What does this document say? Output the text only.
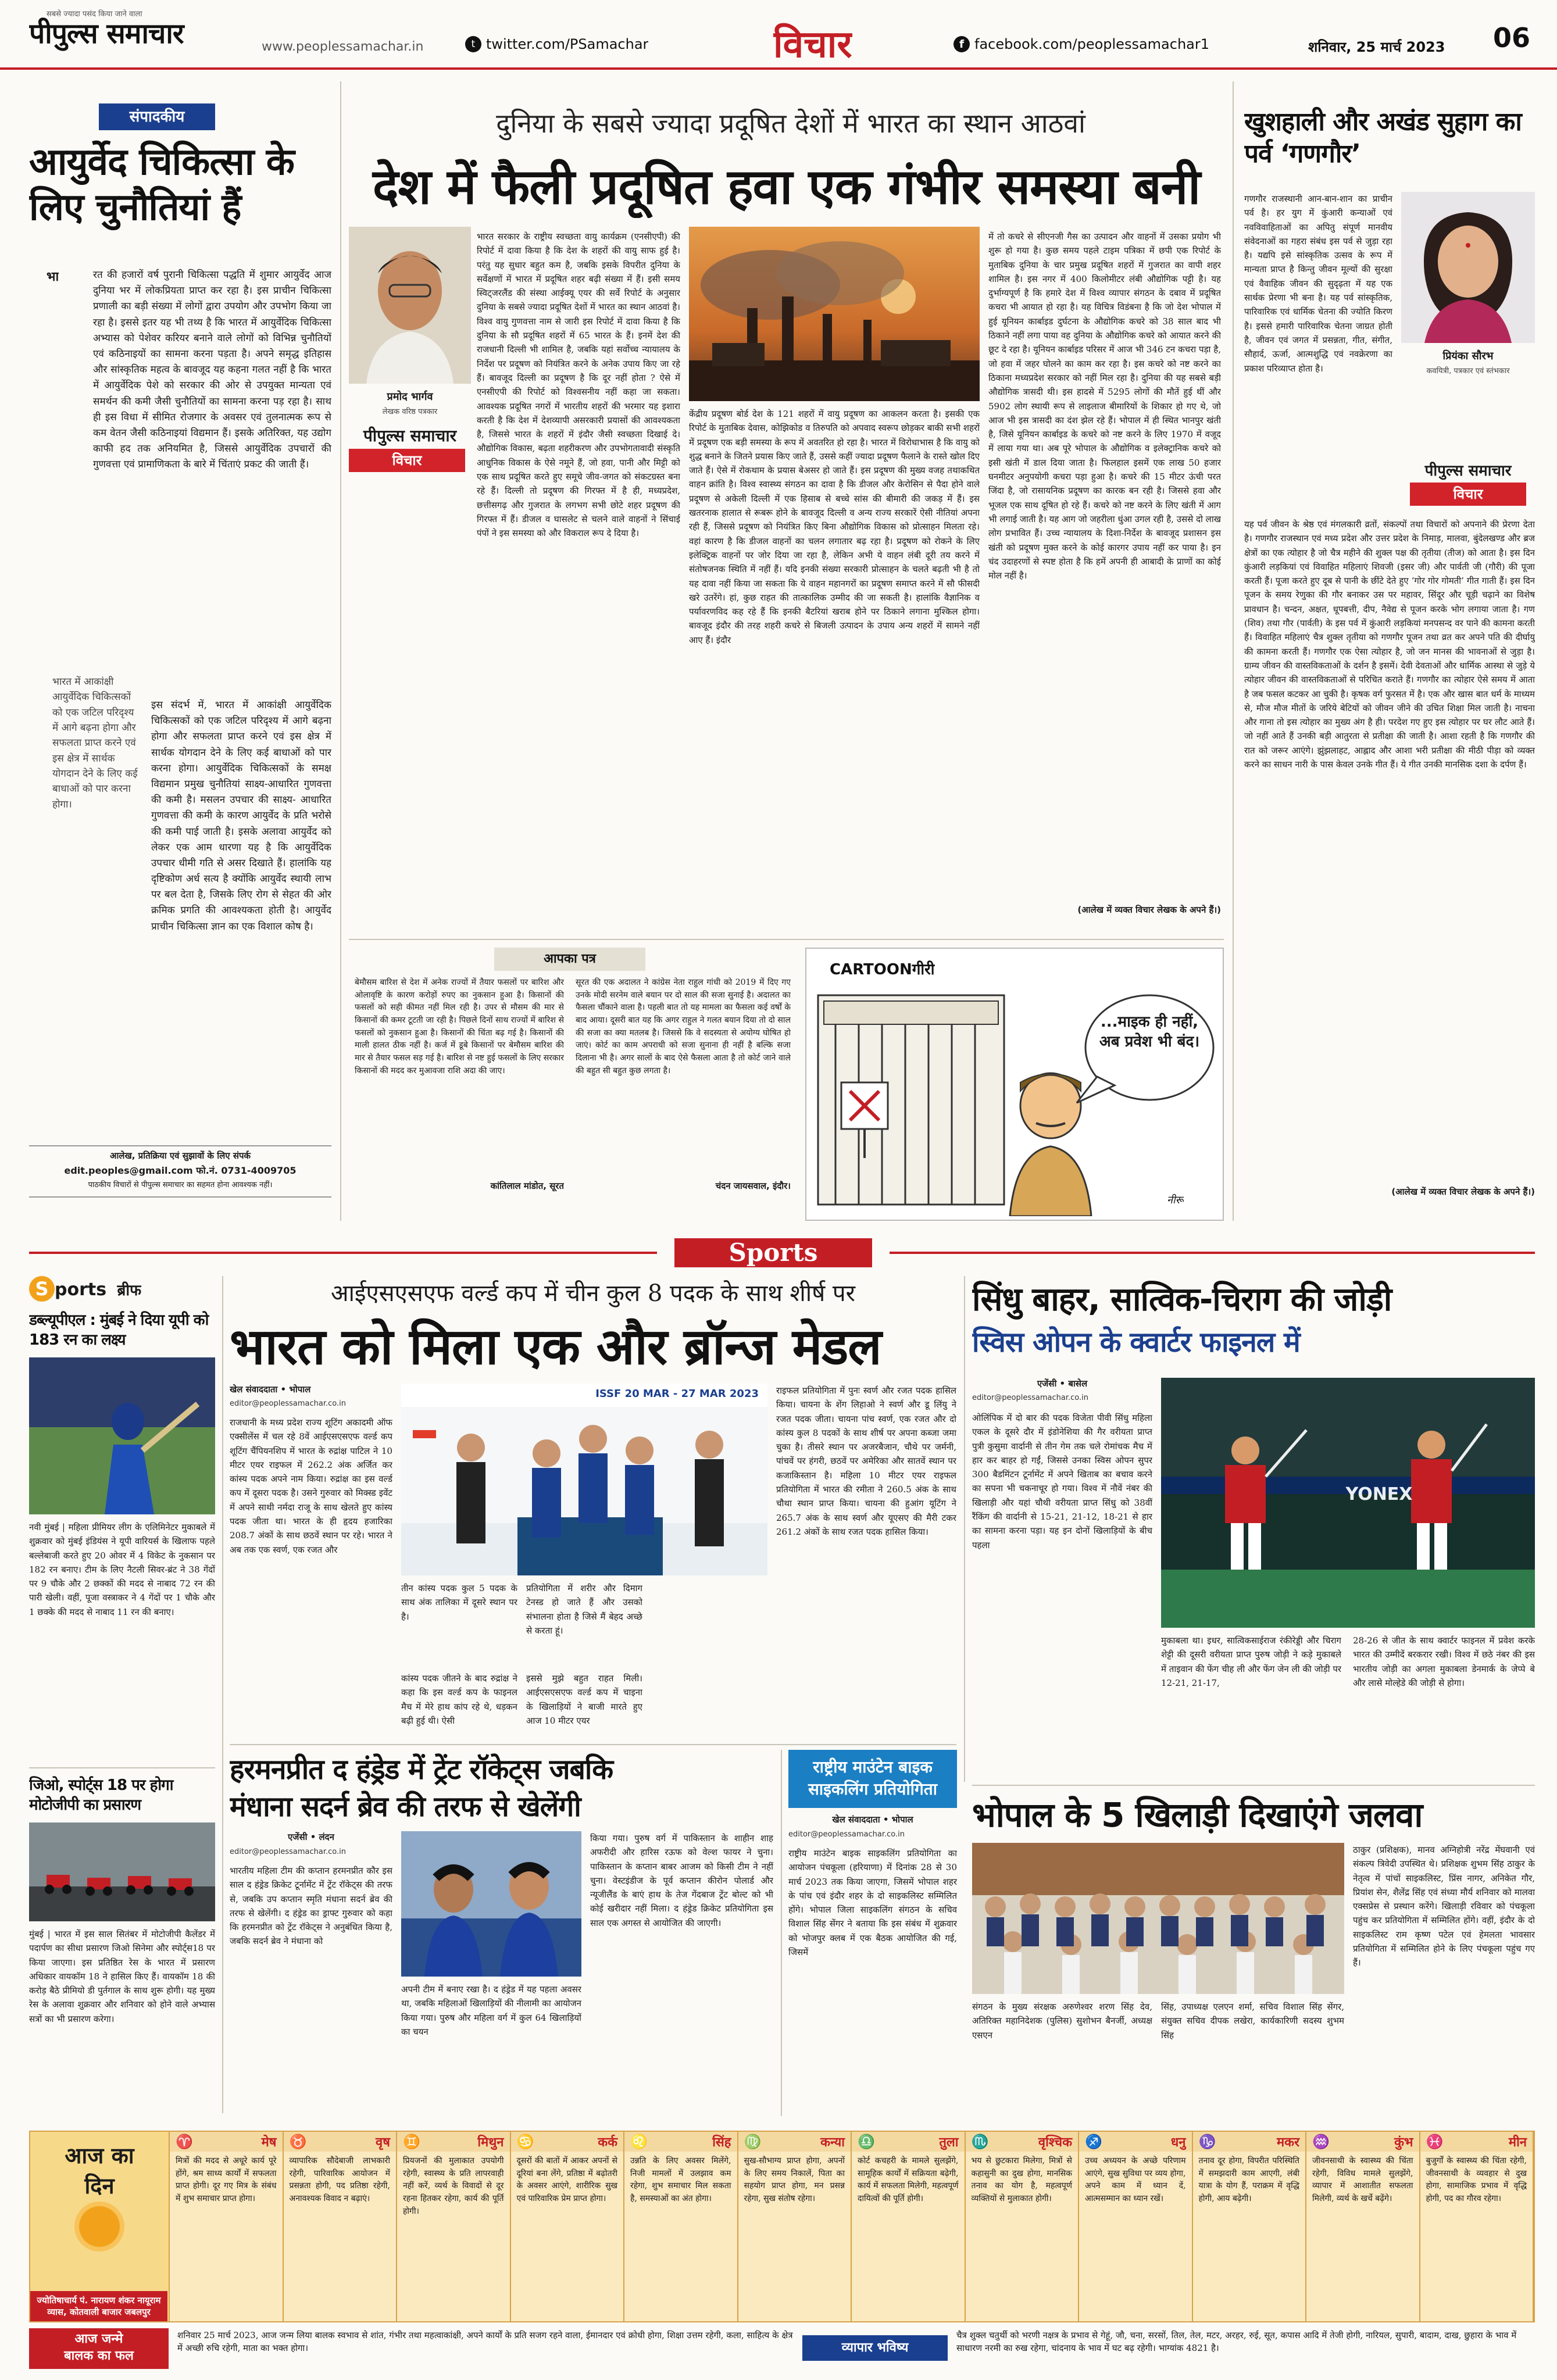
सबसे ज्यादा पसंद किया जाने वाला
पीपुल्स समाचार	www.peoplessamachar.in	t twitter.com/PSamachar	विचार	f facebook.com/peoplessamachar1	शनिवार, 25 मार्च 2023 06
संपादकीय
आयुर्वेद चिकित्सा के लिए चुनौतियां हैं
भा	रत की हजारों वर्ष पुरानी चिकित्सा पद्धति में शुमार आयुर्वेद आज दुनिया भर में लोकप्रियता प्राप्त कर रहा है। इस प्राचीन चिकित्सा प्रणाली का बड़ी संख्या में लोगों द्वारा उपयोग और उपभोग किया जा रहा है। इससे इतर यह भी तथ्य है कि भारत में आयुर्वेदिक चिकित्सा अभ्यास को पेशेवर करियर बनाने वाले लोगों को विभिन्न चुनौतियों एवं कठिनाइयों का सामना करना पड़ता है। अपने समृद्ध इतिहास और सांस्कृतिक महत्व के बावजूद यह कहना गलत नहीं है कि भारत में आयुर्वेदिक पेशे को सरकार की ओर से उपयुक्त मान्यता एवं समर्थन की कमी जैसी चुनौतियों का सामना करना पड़ रहा है। साथ ही इस विधा में सीमित रोजगार के अवसर एवं तुलनात्मक रूप से कम वेतन जैसी कठिनाइयां विद्यमान हैं। इसके अतिरिक्त, यह उद्योग काफी हद तक अनियमित है, जिससे आयुर्वेदिक उपचारों की गुणवत्ता एवं प्रामाणिकता के बारे में चिंताएं प्रकट की जाती हैं।
भारत में आकांक्षी आयुर्वेदिक चिकित्सकों को एक जटिल परिदृश्य में आगे बढ़ना होगा और सफलता प्राप्त करने एवं इस क्षेत्र में सार्थक योगदान देने के लिए कई बाधाओं को पार करना होगा।
इस संदर्भ में, भारत में आकांक्षी आयुर्वेदिक चिकित्सकों को एक जटिल परिदृश्य में आगे बढ़ना होगा और सफलता प्राप्त करने एवं इस क्षेत्र में सार्थक योगदान देने के लिए कई बाधाओं को पार करना होगा। आयुर्वेदिक चिकित्सकों के समक्ष विद्यमान प्रमुख चुनौतियां साक्ष्य-आधारित गुणवत्ता की कमी है। मसलन उपचार की साक्ष्य- आधारित गुणवत्ता की कमी के कारण आयुर्वेद के प्रति भरोसे की कमी पाई जाती है। इसके अलावा आयुर्वेद को लेकर एक आम धारणा यह है कि आयुर्वेदिक उपचार धीमी गति से असर दिखाते हैं। हालांकि यह दृष्टिकोण अर्ध सत्य है क्योंकि आयुर्वेद स्थायी लाभ पर बल देता है, जिसके लिए रोग से सेहत की ओर क्रमिक प्रगति की आवश्यकता होती है। आयुर्वेद प्राचीन चिकित्सा ज्ञान का एक विशाल कोष है।
आलेख, प्रतिक्रिया एवं सुझावों के लिए संपर्क
edit.peoples@gmail.com फो.नं. 0731-4009705
पाठकीय विचारों से पीपुल्स समाचार का सहमत होना आवश्यक नहीं।
दुनिया के सबसे ज्यादा प्रदूषित देशों में भारत का स्थान आठवां
देश में फैली प्रदूषित हवा एक गंभीर समस्या बनी
प्रमोद भार्गव
लेखक वरिष्ठ पत्रकार
पीपुल्स समाचार
विचार
भारत सरकार के राष्ट्रीय स्वच्छता वायु कार्यक्रम (एनसीएपी) की रिपोर्ट में दावा किया है कि देश के शहरों की वायु साफ हुई है। परंतु यह सुधार बहुत कम है, जबकि इसके विपरीत दुनिया के सर्वेक्षणों में भारत में प्रदूषित शहर बढ़ी संख्या में हैं। इसी समय स्विट्जरलैंड की संस्था आईक्यू एयर की सर्वे रिपोर्ट के अनुसार दुनिया के सबसे ज्यादा प्रदूषित देशों में भारत का स्थान आठवां है। विश्व वायु गुणवत्ता नाम से जारी इस रिपोर्ट में दावा किया है कि दुनिया के सौ प्रदूषित शहरों में 65 भारत के हैं। इनमें देश की राजधानी दिल्ली भी शामिल है, जबकि यहां सर्वोच्च न्यायालय के निर्देश पर प्रदूषण को नियंत्रित करने के अनेक उपाय किए जा रहे हैं। बावजूद दिल्ली का प्रदूषण है कि दूर नहीं होता ? ऐसे में एनसीएपी की रिपोर्ट को विश्वसनीय नहीं कहा जा सकता। आवश्यक प्रदूषित नगरों में भारतीय शहरों की भरमार यह इशारा करती है कि देश में देशव्यापी असरकारी प्रयासों की आवश्यकता है, जिससे भारत के शहरों में इंदौर जैसी स्वच्छता दिखाई दे। औद्योगिक विकास, बढ़ता शहरीकरण और उपभोगतावादी संस्कृति आधुनिक विकास के ऐसे नमूने हैं, जो हवा, पानी और मिट्टी को एक साथ प्रदूषित करते हुए समूचे जीव-जगत को संकटग्रस्त बना रहे हैं। दिल्ली तो प्रदूषण की गिरफ्त में है ही, मध्यप्रदेश, छत्तीसगढ़ और गुजरात के लगभग सभी छोटे शहर प्रदूषण की गिरफ्त में हैं। डीजल व घासलेट से चलने वाले वाहनों ने सिंचाई पंपों ने इस समस्या को और विकराल रूप दे दिया है।
केंद्रीय प्रदूषण बोर्ड देश के 121 शहरों में वायु प्रदूषण का आकलन करता है। इसकी एक रिपोर्ट के मुताबिक देवास, कोझिकोड व तिरुपति को अपवाद स्वरूप छोड़कर बाकी सभी शहरों में प्रदूषण एक बड़ी समस्या के रूप में अवतरित हो रहा है। भारत में विरोधाभास है कि वायु को शुद्ध बनाने के जितने प्रयास किए जाते हैं, उससे कहीं ज्यादा प्रदूषण फैलाने के रास्ते खोल दिए जाते हैं। ऐसे में रोकथाम के प्रयास बेअसर हो जाते हैं। इस प्रदूषण की मुख्य वजह तथाकथित वाहन क्रांति है। विश्व स्वास्थ्य संगठन का दावा है कि डीजल और केरोसिन से पैदा होने वाले प्रदूषण से अकेली दिल्ली में एक हिसाब से बच्चे सांस की बीमारी की जकड़ में हैं। इस खतरनाक हालात से रूबरू होने के बावजूद दिल्ली व अन्य राज्य सरकारें ऐसी नीतियां अपना रही हैं, जिससे प्रदूषण को नियंत्रित किए बिना औद्योगिक विकास को प्रोत्साहन मिलता रहे। वहां कारण है कि डीजल वाहनों का चलन लगातार बढ़ रहा है। प्रदूषण को रोकने के लिए इलेक्ट्रिक वाहनों पर जोर दिया जा रहा है, लेकिन अभी ये वाहन लंबी दूरी तय करने में संतोषजनक स्थिति में नहीं हैं। यदि इनकी संख्या सरकारी प्रोत्साहन के चलते बढ़ती भी है तो यह दावा नहीं किया जा सकता कि ये वाहन महानगरों का प्रदूषण समाप्त करने में सौ फीसदी खरे उतरेंगे। हां, कुछ राहत की तात्कालिक उम्मीद की जा सकती है। हालांकि वैज्ञानिक व पर्यावरणविद कह रहे हैं कि इनकी बैटरियां खराब होने पर ठिकाने लगाना मुश्किल होगा। बावजूद इंदौर की तरह शहरी कचरे से बिजली उत्पादन के उपाय अन्य शहरों में सामने नहीं आए हैं। इंदौर
में तो कचरे से सीएनजी गैस का उत्पादन और वाहनों में उसका प्रयोग भी शुरू हो गया है। कुछ समय पहले टाइम पत्रिका में छपी एक रिपोर्ट के मुताबिक दुनिया के चार प्रमुख प्रदूषित शहरों में गुजरात का वापी शहर शामिल है। इस नगर में 400 किलोमीटर लंबी औद्योगिक पट्टी है। यह दुर्भाग्यपूर्ण है कि हमारे देश में विश्व व्यापार संगठन के दबाव में प्रदूषित कचरा भी आयात हो रहा है। यह विचित्र विडंबना है कि जो देश भोपाल में हुई यूनियन कार्बाइड दुर्घटना के औद्योगिक कचरे को 38 साल बाद भी ठिकाने नहीं लगा पाया वह दुनिया के औद्योगिक कचरे को आयात करने की छूट दे रहा है। यूनियन कार्बाइड परिसर में आज भी 346 टन कचरा पड़ा है, जो हवा में जहर घोलने का काम कर रहा है। इस कचरे को नष्ट करने का ठिकाना मध्यप्रदेश सरकार को नहीं मिल रहा है। दुनिया की यह सबसे बड़ी औद्योगिक त्रासदी थी। इस हादसे में 5295 लोगों की मौतें हुई थीं और 5902 लोग स्थायी रूप से लाइलाज बीमारियों के शिकार हो गए थे, जो आज भी इस त्रासदी का दंश झेल रहे हैं। भोपाल में ही स्थित भानपुर खंती है, जिसे यूनियन कार्बाइड के कचरे को नष्ट करने के लिए 1970 में वजूद में लाया गया था। अब पूरे भोपाल के औद्योगिक व इलेक्ट्रानिक कचरे को इसी खंती में डाल दिया जाता है। फिलहाल इसमें एक लाख 50 हजार घनमीटर अनुपयोगी कचरा पड़ा हुआ है। कचरे की 15 मीटर ऊंची परत जिंदा है, जो रासायनिक प्रदूषण का कारक बन रही है। जिससे हवा और भूजल एक साथ दूषित हो रहे हैं। कचरे को नष्ट करने के लिए खंती में आग भी लगाई जाती है। यह आग जो जहरीला धुंआ उगल रही है, उससे दो लाख लोग प्रभावित हैं। उच्च न्यायालय के दिशा-निर्देश के बावजूद प्रशासन इस खंती को प्रदूषण मुक्त करने के कोई कारगर उपाय नहीं कर पाया है। इन चंद उदाहरणों से स्पष्ट होता है कि हमें अपनी ही आबादी के प्राणों का कोई मोल नहीं है।
(आलेख में व्यक्त विचार लेखक के अपने हैं।)
आपका पत्र
बेमौसम बारिश से देश में अनेक राज्यों में तैयार फसलों पर बारिश और ओलावृष्टि के कारण करोड़ों रुपए का नुकसान हुआ है। किसानों की फसलों को सही कीमत नहीं मिल रही है। उपर से मौसम की मार से किसानों की कमर टूटती जा रही है। पिछले दिनों साथ राज्यों में बारिश से फसलों को नुकसान हुआ है। किसानों की चिंता बढ़ गई है। किसानों की माली हालत ठीक नहीं है। कर्ज में डूबे किसानों पर बेमौसम बारिश की मार से तैयार फसल सड़ गई है। बारिश से नष्ट हुई फसलों के लिए सरकार किसानों की मदद कर मुआवजा राशि अदा की जाए।
कांतिलाल मांडोत, सूरत
सूरत की एक अदालत ने कांग्रेस नेता राहुल गांधी को 2019 में दिए गए उनके मोदी सरनेम वाले बयान पर दो साल की सजा सुनाई है। अदालत का फैसला चौंकाने वाला है। पहली बात तो यह मामला का फैसला कई वर्षों के बाद आया। दूसरी बात यह कि अगर राहुल ने गलत बयान दिया तो दो साल की सजा का क्या मतलब है। जिससे कि वे सदस्यता से अयोग्य घोषित हो जाएं। कोर्ट का काम अपराधी को सजा सुनाना ही नहीं है बल्कि सजा दिलाना भी है। अगर सालों के बाद ऐसे फैसला आता है तो कोर्ट जाने वाले की बहुत सी बहुत कुछ लगता है।
चंदन जायसवाल, इंदौर।
CARTOONगीरी
...माइक ही नहीं, अब प्रवेश भी बंद।
नीरू
खुशहाली और अखंड सुहाग का पर्व ‘गणगौर’
गणगौर राजस्थानी आन-बान-शान का प्राचीन पर्व है। हर युग में कुंआरी कन्याओं एवं नवविवाहिताओं का अपितु संपूर्ण मानवीय संवेदनाओं का गहरा संबंध इस पर्व से जुड़ा रहा है। यद्यपि इसे सांस्कृतिक उत्सव के रूप में मान्यता प्राप्त है किन्तु जीवन मूल्यों की सुरक्षा एवं वैवाहिक जीवन की सुदृढ़ता में यह एक सार्थक प्रेरणा भी बना है। यह पर्व सांस्कृतिक, पारिवारिक एवं धार्मिक चेतना की ज्योति किरण है। इससे हमारी पारिवारिक चेतना जाग्रत होती है, जीवन एवं जगत में प्रसन्नता, गीत, संगीत, सौहार्द, ऊर्जा, आत्मशुद्धि एवं नवक्रेरणा का प्रकाश परिव्याप्त होता है।
प्रियंका सौरभ
कवयित्री, पत्रकार एवं स्तंभकार
पीपुल्स समाचार
विचार
यह पर्व जीवन के श्रेष्ठ एवं मंगलकारी व्रतों, संकल्पों तथा विचारों को अपनाने की प्रेरणा देता है। गणगौर राजस्थान एवं मध्य प्रदेश और उत्तर प्रदेश के निमाड़, मालवा, बुंदेलखण्ड और ब्रज क्षेत्रों का एक त्योहार है जो चैत्र महीने की शुक्ल पक्ष की तृतीया (तीज) को आता है। इस दिन कुंआरी लड़कियां एवं विवाहित महिलाएं शिवजी (इसर जी) और पार्वती जी (गौरी) की पूजा करती हैं। पूजा करते हुए दूब से पानी के छींटे देते हुए ‘गोर गोर गोमती’ गीत गाती हैं। इस दिन पूजन के समय रेणुका की गौर बनाकर उस पर महावर, सिंदूर और चूड़ी चढ़ाने का विशेष प्रावधान है। चन्दन, अक्षत, धूपबत्ती, दीप, नैवेद्य से पूजन करके भोग लगाया जाता है। गण (शिव) तथा गौर (पार्वती) के इस पर्व में कुंआरी लड़कियां मनपसन्द वर पाने की कामना करती हैं। विवाहित महिलाएं चैत्र शुक्ल तृतीया को गणगौर पूजन तथा व्रत कर अपने पति की दीर्घायु की कामना करती हैं। गणगौर एक ऐसा त्योहार है, जो जन मानस की भावनाओं से जुड़ा है। ग्राम्य जीवन की वास्तविकताओं के दर्शन है इसमें। देवी देवताओं और धार्मिक आस्था से जुड़े ये त्योहार जीवन की वास्तविकताओं से परिचित कराते हैं। गणगौर का त्योहार ऐसे समय में आता है जब फसल कटकर आ चुकी है। कृषक वर्ग फुरसत में है। एक और खास बात धर्म के माध्यम से, मौज मौज मीतों के जरिये बेटियों को जीवन जीने की उचित शिक्षा मिल जाती है। नाचना और गाना तो इस त्योहार का मुख्य अंग है ही। परदेश गए हुए इस त्योहार पर घर लौट आते हैं। जो नहीं आते हैं उनकी बड़ी आतुरता से प्रतीक्षा की जाती है। आशा रहती है कि गणगौर की रात को जरूर आएंगे। झुंझलाहट, आह्लाद और आशा भरी प्रतीक्षा की मीठी पीड़ा को व्यक्त करने का साधन नारी के पास केवल उनके गीत हैं। ये गीत उनकी मानसिक दशा के दर्पण हैं।
(आलेख में व्यक्त विचार लेखक के अपने हैं।)
Sports
S ports ब्रीफ
डब्ल्यूपीएल : मुंबई ने दिया यूपी को 183 रन का लक्ष्य
नवी मुंबई | महिला प्रीमियर लीग के एलिमिनेटर मुकाबले में शुक्रवार को मुंबई इंडियंस ने यूपी वारियर्स के खिलाफ पहले बल्लेबाजी करते हुए 20 ओवर में 4 विकेट के नुकसान पर 182 रन बनाए। टीम के लिए नैटली सिवर-ब्रंट ने 38 गेंदों पर 9 चौके और 2 छक्कों की मदद से नाबाद 72 रन की पारी खेली। वहीं, पूजा वस्त्राकर ने 4 गेंदों पर 1 चौके और 1 छक्के की मदद से नाबाद 11 रन की बनाए।
जिओ, स्पोर्ट्स 18 पर होगा मोटोजीपी का प्रसारण
मुंबई | भारत में इस साल सितंबर में मोटोजीपी कैलेंडर में पदार्पण का सीधा प्रसारण जिओ सिनेमा और स्पोर्ट्स18 पर किया जाएगा। इस प्रतिष्ठित रेस के भारत में प्रसारण अधिकार वायकॉम 18 ने हासिल किए हैं। वायकॉम 18 की करोड़ बैठे प्रीमियो डी पुर्तगाल के साथ शुरू होगी। यह मुख्य रेस के अलावा शुक्रवार और शनिवार को होने वाले अभ्यास सत्रों का भी प्रसारण करेगा।
आईएसएसएफ वर्ल्ड कप में चीन कुल 8 पदक के साथ शीर्ष पर
भारत को मिला एक और ब्रॉन्ज मेडल
खेल संवाददाता • भोपाल
editor@peoplessamachar.co.in
राजधानी के मध्य प्रदेश राज्य शूटिंग अकादमी ऑफ एक्सीलेंस में चल रहे 8वें आईएसएसएफ वर्ल्ड कप शूटिंग चैंपियनशिप में भारत के रुद्रांक्ष पाटिल ने 10 मीटर एयर राइफल में 262.2 अंक अर्जित कर कांस्य पदक अपने नाम किया। रुद्रांक्ष का इस वर्ल्ड कप में दूसरा पदक है। उसने गुरुवार को मिक्स्ड इवेंट में अपने साथी नर्मदा राजू के साथ खेलते हुए कांस्य पदक जीता था। भारत के ही हृदय हजारिका 208.7 अंकों के साथ छठवें स्थान पर रहे। भारत ने अब तक एक स्वर्ण, एक रजत और
ISSF 20 MAR - 27 MAR 2023
तीन कांस्य पदक कुल 5 पदक के साथ अंक तालिका में दूसरे स्थान पर है।
प्रतियोगिता में शरीर और दिमाग टेनस्ड हो जाते हैं और उसको संभालना होता है जिसे मैं बेहद अच्छे से करता हूं।
कांस्य पदक जीतने के बाद रुद्रांक्ष ने कहा कि इस वर्ल्ड कप के फाइनल मैच में मेरे हाथ कांप रहे थे, धड़कन बढ़ी हुई थी। ऐसी
इससे मुझे बहुत राहत मिली। आईएसएसएफ वर्ल्ड कप में चाइना के खिलाड़ियों ने बाजी मारते हुए आज 10 मीटर एयर
राइफल प्रतियोगिता में पुनः स्वर्ण और रजत पदक हासिल किया। चायना के शेंग लिहाओ ने स्वर्ण और डू लिंयु ने रजत पदक जीता। चायना पांच स्वर्ण, एक रजत और दो कांस्य कुल 8 पदकों के साथ शीर्ष पर अपना कब्जा जमा चुका है। तीसरे स्थान पर अजरबैजान, चौथे पर जर्मनी, पांचवें पर हंगरी, छठवें पर अमेरिका और सातवें स्थान पर कजाकिस्तान है। महिला 10 मीटर एयर राइफल प्रतियोगिता में भारत की रमीता ने 260.5 अंक के साथ चौथा स्थान प्राप्त किया। चायना की हुआंग यूटिंग ने 265.7 अंक के साथ स्वर्ण और यूएसए की मैरी टकर 261.2 अंकों के साथ रजत पदक हासिल किया।
सिंधु बाहर, सात्विक-चिराग की जोड़ी
स्विस ओपन के क्वार्टर फाइनल में
एजेंसी • बासेल
editor@peoplessamachar.co.in
ओलिंपिक में दो बार की पदक विजेता पीवी सिंधु महिला एकल के दूसरे दौर में इंडोनेशिया की गैर वरीयता प्राप्त पुत्री कुसुमा वार्दानी से तीन गेम तक चले रोमांचक मैच में हार कर बाहर हो गईं, जिससे उनका स्विस ओपन सुपर 300 बैडमिंटन टूर्नामेंट में अपने खिताब का बचाव करने का सपना भी चकनाचूर हो गया। विश्व में नौवें नंबर की खिलाड़ी और यहां चौथी वरीयता प्राप्त सिंधु को 38वीं रैंकिंग की वार्दानी से 15-21, 21-12, 18-21 से हार का सामना करना पड़ा। यह इन दोनों खिलाड़ियों के बीच पहला
YONEX
मुकाबला था। इधर, सात्विकसाईराज रंकीरेड्डी और चिराग शेट्टी की दूसरी वरीयता प्राप्त पुरुष जोड़ी ने कड़े मुकाबले में ताइवान की फेंग चीह ली और फेंग जेन ली की जोड़ी पर 12-21, 21-17,
28-26 से जीत के साथ क्वार्टर फाइनल में प्रवेश करके भारत की उम्मीदें बरकरार रखी। विश्व में छठे नंबर की इस भारतीय जोड़ी का अगला मुकाबला डेनमार्क के जेप्पे बे और लासे मोल्हेडे की जोड़ी से होगा।
हरमनप्रीत द हंड्रेड में ट्रेंट रॉकेट्स जबकि
मंधाना सदर्न ब्रेव की तरफ से खेलेंगी
एजेंसी • लंदन
editor@peoplessamachar.co.in
भारतीय महिला टीम की कप्तान हरमनप्रीत कौर इस साल द हंड्रेड क्रिकेट टूर्नामेंट में ट्रेंट रॉकेट्स की तरफ से, जबकि उप कप्तान स्मृति मंधाना सदर्न ब्रेव की तरफ से खेलेंगी। द हंड्रेड का ड्राफ्ट गुरुवार को कहा कि हरमनप्रीत को ट्रेंट रॉकेट्स ने अनुबंधित किया है, जबकि सदर्न ब्रेव ने मंधाना को
अपनी टीम में बनाए रखा है। द हंड्रेड में यह पहला अवसर था, जबकि महिलाओं खिलाड़ियों की नीलामी का आयोजन किया गया। पुरुष और महिला वर्ग में कुल 64 खिलाड़ियों का चयन
किया गया। पुरुष वर्ग में पाकिस्तान के शाहीन शाह अफरीदी और हारिस रऊफ को वेल्श फायर ने चुना। पाकिस्तान के कप्तान बाबर आजम को किसी टीम ने नहीं चुना। वेस्टइंडीज के पूर्व कप्तान कीरोन पोलार्ड और न्यूजीलैंड के बाएं हाथ के तेज गेंदबाज ट्रेंट बोल्ट को भी कोई खरीदार नहीं मिला। द हंड्रेड क्रिकेट प्रतियोगिता इस साल एक अगस्त से आयोजित की जाएगी।
राष्ट्रीय माउंटेन बाइक
साइकलिंग प्रतियोगिता
खेल संवाददाता • भोपाल
editor@peoplessamachar.co.in
राष्ट्रीय माउंटेन बाइक साइकलिंग प्रतियोगिता का आयोजन पंचकूला (हरियाणा) में दिनांक 28 से 30 मार्च 2023 तक किया जाएगा, जिसमें भोपाल शहर के पांच एवं इंदौर शहर के दो साइकलिस्ट सम्मिलित होंगे। भोपाल जिला साइकलिंग संगठन के सचिव विशाल सिंह सेंगर ने बताया कि इस संबंध में शुक्रवार को भोजपुर क्लब में एक बैठक आयोजित की गई, जिसमें
भोपाल के 5 खिलाड़ी दिखाएंगे जलवा
संगठन के मुख्य संरक्षक अरुणेश्वर शरण सिंह देव, अतिरिक्त महानिदेशक (पुलिस) सुशोभन बैनर्जी, अध्यक्ष एसएन
सिंह, उपाध्यक्ष एलएन शर्मा, सचिव विशाल सिंह सेंगर, संयुक्त सचिव दीपक लखेरा, कार्यकारिणी सदस्य शुभम सिंह
ठाकुर (प्रशिक्षक), मानव अग्निहोत्री नरेंद्र मेंघवानी एवं संकल्प त्रिवेदी उपस्थित थे। प्रशिक्षक शुभम सिंह ठाकुर के नेतृत्व में पांचों साइकलिस्ट, प्रिंस नागर, अनिकेत गौर, प्रियांश सेन, शैलेंद्र सिंह एवं संध्या मौर्य शनिवार को मालवा एक्सप्रेस से प्रस्थान करेंगे। खिलाड़ी रविवार को पंचकूला पहुंच कर प्रतियोगिता में सम्मिलित होंगे। वहीं, इंदौर के दो साइकलिस्ट राम कृष्ण पटेल एवं हेमलता भावसार प्रतियोगिता में सम्मिलित होने के लिए पंचकूला पहुंच गए हैं।
आज का
दिन
ज्योतिषाचार्य पं. नारायण शंकर नायूराम व्यास, कोतवाली बाजार जबलपुर
♈	मेष
मित्रों की मदद से अधूरे कार्य पूरे होंगे, श्रम साध्य कार्यों में सफलता प्राप्त होगी। दूर गए मित्र के संबंध में शुभ समाचार प्राप्त होगा।
♉	वृष
व्यापारिक सौदेबाजी लाभकारी रहेगी, पारिवारिक आयोजन में प्रसन्नता होगी, पद प्रतिष्ठा रहेगी, अनावश्यक विवाद न बढ़ाएं।
♊	मिथुन
प्रियजनों की मुलाकात उपयोगी रहेगी, स्वास्थ्य के प्रति लापरवाही नहीं करें, व्यर्थ के विवादों से दूर रहना हितकर रहेगा, कार्य की पूर्ति होगी।
♋	कर्क
दूसरों की बातों में आकर अपनों से दूरियां बना लेंगे, प्रतिष्ठा में बढ़ोतरी के अवसर आएंगे, शारीरिक सुख एवं पारिवारिक प्रेम प्राप्त होगा।
♌	सिंह
उन्नति के लिए अवसर मिलेंगे, निजी मामलों में उलझाव कम रहेगा, शुभ समाचार मिल सकता है, समस्याओं का अंत होगा।
♍	कन्या
सुख-सौभाग्य प्राप्त होगा, अपनों के लिए समय निकालें, पिता का सहयोग प्राप्त होगा, मन प्रसन्न रहेगा, सुख संतोष रहेगा।
♎	तुला
कोर्ट कचहरी के मामले सुलझेंगे, सामूहिक कार्यों में सक्रियता बढ़ेगी, कार्य में सफलता मिलेगी, महत्वपूर्ण दायित्वों की पूर्ति होगी।
♏	वृश्चिक
भय से छुटकारा मिलेगा, मित्रों से कहासुनी का दुख होगा, मानसिक तनाव का योग है, महत्वपूर्ण व्यक्तियों से मुलाकात होगी।
♐	धनु
उच्च अध्ययन के अच्छे परिणाम आएंगे, सुख सुविधा पर व्यय होगा, अपने काम में ध्यान दें, आत्मसम्मान का ध्यान रखें।
♑	मकर
तनाव दूर होगा, विपरीत परिस्थिति में समझदारी काम आएगी, लंबी यात्रा के योग हैं, पराक्रम में वृद्धि होगी, आय बढ़ेगी।
♒	कुंभ
जीवनसाथी के स्वास्थ्य की चिंता रहेगी, विविध मामले सुलझेंगे, व्यापार में आशातीत सफलता मिलेगी, व्यर्थ के खर्चे बढ़ेंगे।
♓	मीन
बुजुर्गों के स्वास्थ्य की चिंता रहेगी, जीवनसाथी के व्यवहार से दुख होगा, सामाजिक प्रभाव में वृद्धि होगी, पद का गौरव रहेगा।
आज जन्मे
बालक का फल
शनिवार 25 मार्च 2023, आज जन्म लिया बालक स्वभाव से शांत, गंभीर तथा महत्वाकांक्षी, अपने कार्यों के प्रति सजग रहने वाला, ईमानदार एवं क्रोधी होगा, शिक्षा उत्तम रहेगी, कला, साहित्य के क्षेत्र में अच्छी रुचि रहेगी, माता का भक्त होगा।	व्यापार भविष्य
चैत्र शुक्ल चतुर्थी को भरणी नक्षत्र के प्रभाव से गेहूं, जौ, चना, सरसों, तिल, तेल, मटर, अरहर, रुई, सूत, कपास आदि में तेजी होगी, नारियल, सुपारी, बादाम, दाख, छुहारा के भाव में साधारण नरमी का रुख रहेगा, चांदनाय के भाव में घट बढ़ रहेगी। भाग्यांक 4821 है।
